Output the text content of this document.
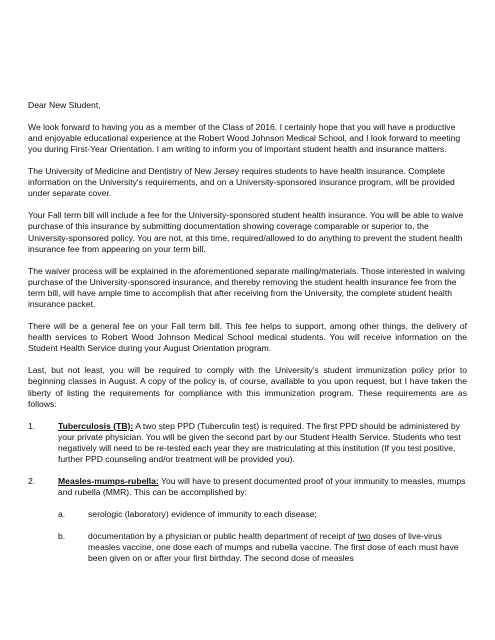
Dear New Student,
We look forward to having you as a member of the Class of 2016. I certainly hope that you will have a productive and enjoyable educational experience at the Robert Wood Johnson Medical School, and I look forward to meeting you during First-Year Orientation. I am writing to inform you of important student health and insurance matters.
The University of Medicine and Dentistry of New Jersey requires students to have health insurance. Complete information on the University's requirements, and on a University-sponsored insurance program, will be provided under separate cover.
Your Fall term bill will include a fee for the University-sponsored student health insurance. You will be able to waive purchase of this insurance by submitting documentation showing coverage comparable or superior to, the University-sponsored policy. You are not, at this time, required/allowed to do anything to prevent the student health insurance fee from appearing on your term bill.
The waiver process will be explained in the aforementioned separate mailing/materials. Those interested in waiving purchase of the University-sponsored insurance, and thereby removing the student health insurance fee from the term bill, will have ample time to accomplish that after receiving from the University, the complete student health insurance packet.
There will be a general fee on your Fall term bill. This fee helps to support, among other things, the delivery of health services to Robert Wood Johnson Medical School medical students. You will receive information on the Student Health Service during your August Orientation program.
Last, but not least, you will be required to comply with the University's student immunization policy prior to beginning classes in August. A copy of the policy is, of course, available to you upon request, but I have taken the liberty of listing the requirements for compliance with this immunization program. These requirements are as follows:
1.	Tuberculosis (TB): A two step PPD (Tuberculin test) is required. The first PPD should be administered by your private physician. You will be given the second part by our Student Health Service. Students who test negatively will need to be re-tested each year they are matriculating at this institution (If you test positive, further PPD counseling and/or treatment will be provided you).
2.	Measles-mumps-rubella: You will have to present documented proof of your immunity to measles, mumps and rubella (MMR). This can be accomplished by:
a.	serologic (laboratory) evidence of immunity to each disease;
b.	documentation by a physician or public health department of receipt of two doses of live-virus measles vaccine, one dose each of mumps and rubella vaccine. The first dose of each must have been given on or after your first birthday. The second dose of measles
